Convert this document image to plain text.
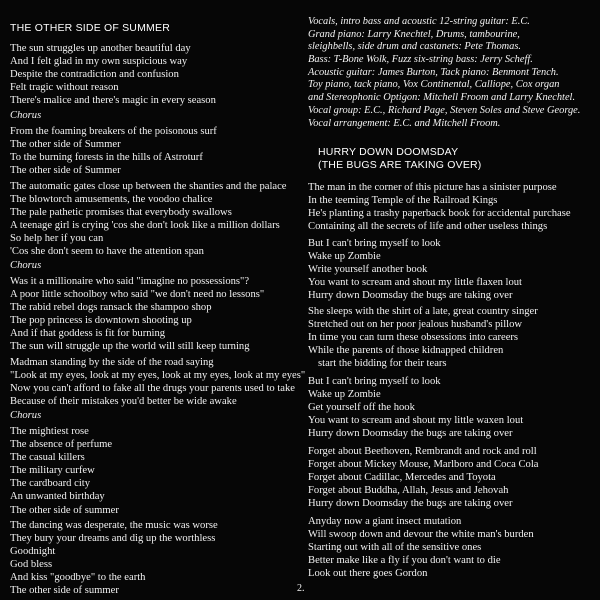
THE OTHER SIDE OF SUMMER
The sun struggles up another beautiful day
And I felt glad in my own suspicious way
Despite the contradiction and confusion
Felt tragic without reason
There's malice and there's magic in every season
Chorus
From the foaming breakers of the poisonous surf
The other side of Summer
To the burning forests in the hills of Astroturf
The other side of Summer
The automatic gates close up between the shanties and the palace
The blowtorch amusements, the voodoo chalice
The pale pathetic promises that everybody swallows
A teenage girl is crying 'cos she don't look like a million dollars
So help her if you can
'Cos she don't seem to have the attention span
Chorus
Was it a millionaire who said "imagine no possessions"?
A poor little schoolboy who said "we don't need no lessons"
The rabid rebel dogs ransack the shampoo shop
The pop princess is downtown shooting up
And if that goddess is fit for burning
The sun will struggle up the world will still keep turning
Madman standing by the side of the road saying
"Look at my eyes, look at my eyes, look at my eyes, look at my eyes"
Now you can't afford to fake all the drugs your parents used to take
Because of their mistakes you'd better be wide awake
Chorus
The mightiest rose
The absence of perfume
The casual killers
The military curfew
The cardboard city
An unwanted birthday
The other side of summer
The dancing was desperate, the music was worse
They bury your dreams and dig up the worthless
Goodnight
God bless
And kiss "goodbye" to the earth
The other side of summer
Vocals, intro bass and acoustic 12-string guitar: E.C.
Grand piano: Larry Knechtel, Drums, tambourine,
sleighbells, side drum and castanets: Pete Thomas.
Bass: T-Bone Wolk, Fuzz six-string bass: Jerry Scheff.
Acoustic guitar: James Burton, Tack piano: Benmont Tench.
Toy piano, tack piano, Vox Continental, Calliope, Cox organ
and Stereophonic Optigon: Mitchell Froom and Larry Knechtel.
Vocal group: E.C., Richard Page, Steven Soles and Steve George.
Vocal arrangement: E.C. and Mitchell Froom.
HURRY DOWN DOOMSDAY
(THE BUGS ARE TAKING OVER)
The man in the corner of this picture has a sinister purpose
In the teeming Temple of the Railroad Kings
He's planting a trashy paperback book for accidental purchase
Containing all the secrets of life and other useless things
But I can't bring myself to look
Wake up Zombie
Write yourself another book
You want to scream and shout my little flaxen lout
Hurry down Doomsday the bugs are taking over
She sleeps with the shirt of a late, great country singer
Stretched out on her poor jealous husband's pillow
In time you can turn these obsessions into careers
While the parents of those kidnapped children
start the bidding for their tears
But I can't bring myself to look
Wake up Zombie
Get yourself off the hook
You want to scream and shout my little waxen lout
Hurry down Doomsday the bugs are taking over
Forget about Beethoven, Rembrandt and rock and roll
Forget about Mickey Mouse, Marlboro and Coca Cola
Forget about Cadillac, Mercedes and Toyota
Forget about Buddha, Allah, Jesus and Jehovah
Hurry down Doomsday the bugs are taking over
Anyday now a giant insect mutation
Will swoop down and devour the white man's burden
Starting out with all of the sensitive ones
Better make like a fly if you don't want to die
Look out there goes Gordon
2.
